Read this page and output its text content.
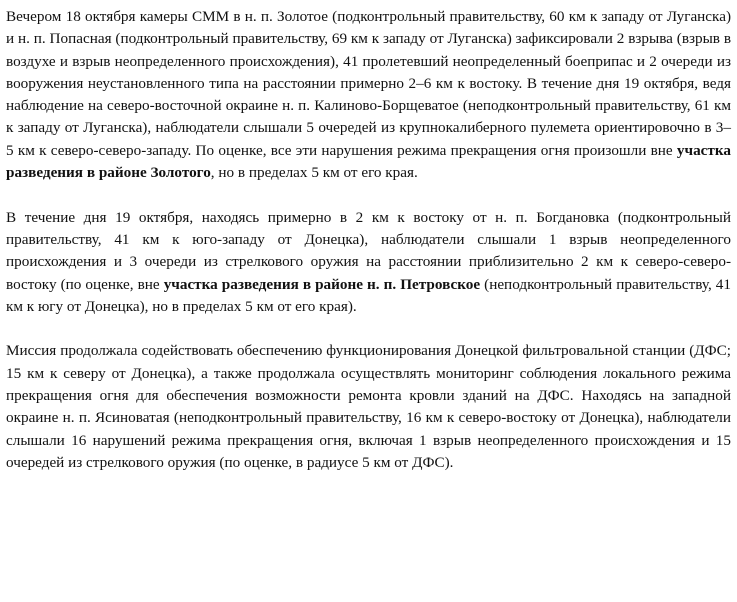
Вечером 18 октября камеры СММ в н. п. Золотое (подконтрольный правительству, 60 км к западу от Луганска) и н. п. Попасная (подконтрольный правительству, 69 км к западу от Луганска) зафиксировали 2 взрыва (взрыв в воздухе и взрыв неопределенного происхождения), 41 пролетевший неопределенный боеприпас и 2 очереди из вооружения неустановленного типа на расстоянии примерно 2–6 км к востоку. В течение дня 19 октября, ведя наблюдение на северо-восточной окраине н. п. Калиново-Борщеватое (неподконтрольный правительству, 61 км к западу от Луганска), наблюдатели слышали 5 очередей из крупнокалиберного пулемета ориентировочно в 3–5 км к северо-северо-западу. По оценке, все эти нарушения режима прекращения огня произошли вне участка разведения в районе Золотого, но в пределах 5 км от его края.

В течение дня 19 октября, находясь примерно в 2 км к востоку от н. п. Богдановка (подконтрольный правительству, 41 км к юго-западу от Донецка), наблюдатели слышали 1 взрыв неопределенного происхождения и 3 очереди из стрелкового оружия на расстоянии приблизительно 2 км к северо-северо-востоку (по оценке, вне участка разведения в районе н. п. Петровское (неподконтрольный правительству, 41 км к югу от Донецка), но в пределах 5 км от его края).

Миссия продолжала содействовать обеспечению функционирования Донецкой фильтровальной станции (ДФС; 15 км к северу от Донецка), а также продолжала осуществлять мониторинг соблюдения локального режима прекращения огня для обеспечения возможности ремонта кровли зданий на ДФС. Находясь на западной окраине н. п. Ясиноватая (неподконтрольный правительству, 16 км к северо-востоку от Донецка), наблюдатели слышали 16 нарушений режима прекращения огня, включая 1 взрыв неопределенного происхождения и 15 очередей из стрелкового оружия (по оценке, в радиусе 5 км от ДФС).
